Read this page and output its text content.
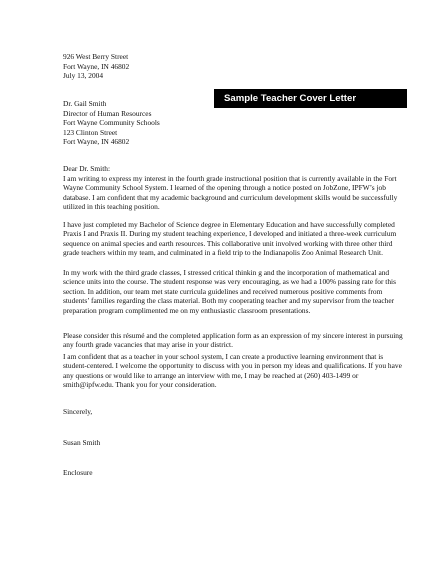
926 West Berry Street
Fort Wayne, IN 46802
July 13, 2004
Sample Teacher Cover Letter
Dr. Gail Smith
Director of Human Resources
Fort Wayne Community Schools
123 Clinton Street
Fort Wayne, IN 46802
Dear Dr. Smith:
I am writing to express my interest in the fourth grade instructional position that is currently available in the Fort Wayne Community School System. I learned of the opening through a notice posted on JobZone, IPFW’s job database. I am confident that my academic background and curriculum development skills would be successfully utilized in this teaching position.
I have just completed my Bachelor of Science degree in Elementary Education and have successfully completed Praxis I and Praxis II. During my student teaching experience, I developed and initiated a three-week curriculum sequence on animal species and earth resources. This collaborative unit involved working with three other third grade teachers within my team, and culminated in a field trip to the Indianapolis Zoo Animal Research Unit.
In my work with the third grade classes, I stressed critical thinkin g and the incorporation of mathematical and science units into the course. The student response was very encouraging, as we had a 100% passing rate for this section. In addition, our team met state curricula guidelines and received numerous positive comments from students’ families regarding the class material. Both my cooperating teacher and my supervisor from the teacher preparation program complimented me on my enthusiastic classroom presentations.
Please consider this résumé and the completed application form as an expression of my sincere interest in pursuing any fourth grade vacancies that may arise in your district.
I am confident that as a teacher in your school system, I can create a productive learning environment that is student-centered. I welcome the opportunity to discuss with you in person my ideas and qualifications. If you have any questions or would like to arrange an interview with me, I may be reached at (260) 403-1499 or smith@ipfw.edu. Thank you for your consideration.
Sincerely,
Susan Smith
Enclosure
